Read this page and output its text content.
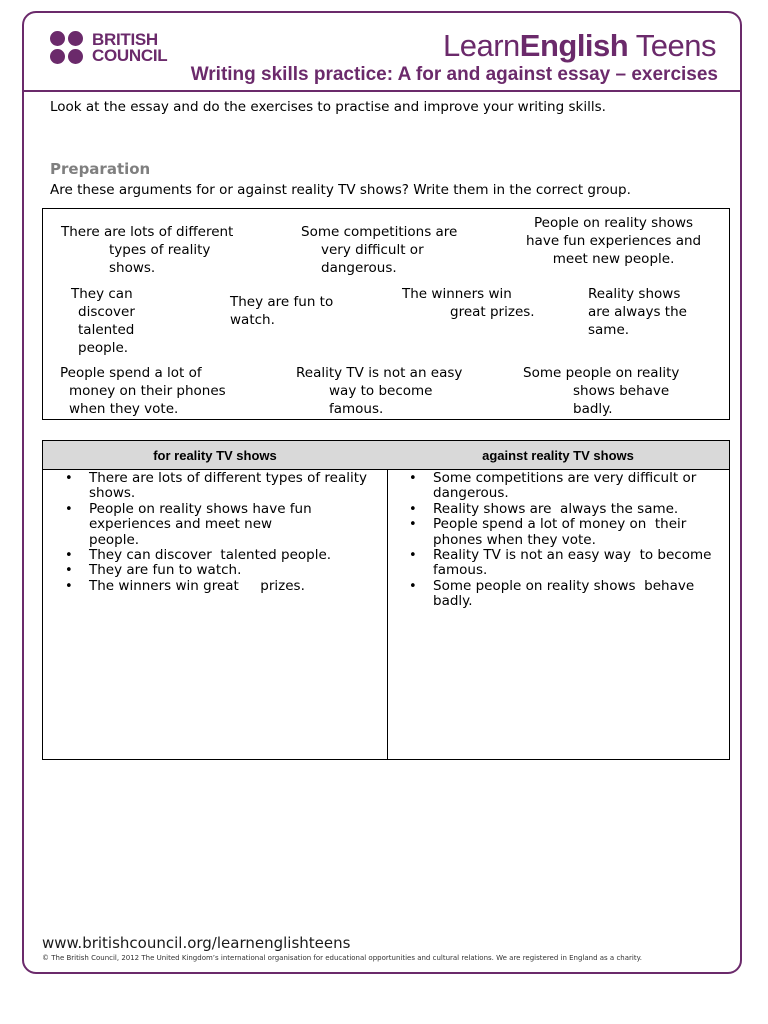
BRITISH
COUNCIL	LearnEnglish Teens
Writing skills practice: A for and against essay – exercises
Look at the essay and do the exercises to practise and improve your writing skills.
Preparation
Are these arguments for or against reality TV shows? Write them in the correct group.
There are lots of different
types of reality
shows.
Some competitions are
very difficult or
dangerous.
People on reality shows
have fun experiences and
meet new people.
They can
discover
talented
people.
They are fun to
watch.
The winners win
great prizes.
Reality shows
are always the
same.
People spend a lot of
money on their phones
when they vote.
Reality TV is not an easy
way to become
famous.
Some people on reality
shows behave
badly.
for reality TV shows
• There are lots of different types of reality
shows.
• People on reality shows have fun
experiences and meet new
people.
• They can discover  talented people.
• They are fun to watch.
• The winners win great     prizes.
against reality TV shows
• Some competitions are very difficult or
dangerous.
• Reality shows are  always the same.
• People spend a lot of money on  their
phones when they vote.
• Reality TV is not an easy way  to become
famous.
• Some people on reality shows  behave
badly.
www.britishcouncil.org/learnenglishteens
© The British Council, 2012 The United Kingdom’s international organisation for educational opportunities and cultural relations. We are registered in England as a charity.
